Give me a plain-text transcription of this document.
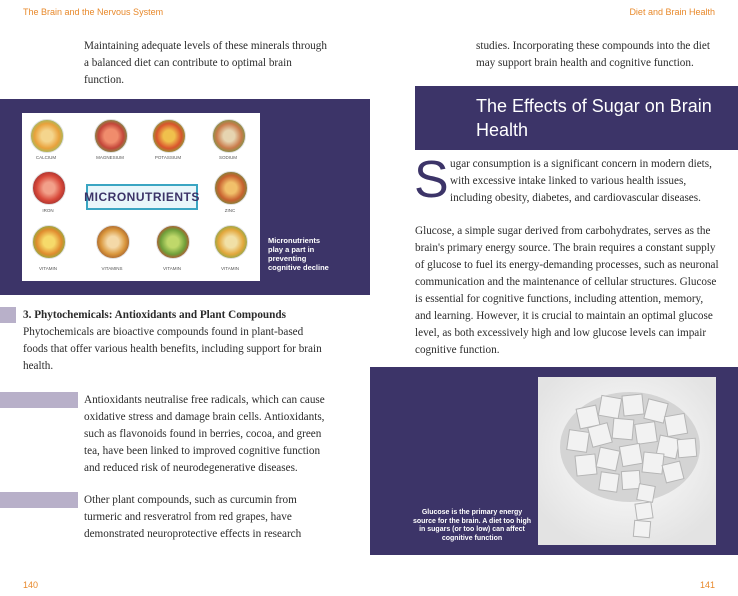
The Brain and the Nervous System	Diet and Brain Health

Maintaining adequate levels of these minerals through a balanced diet can contribute to optimal brain function.

CALCIUM	MAGNESIUM	POTASSIUM	SODIUM
MICRONUTRIENTS
IRON	ZINC
VITAMIN	VITAMINS	VITAMIN	VITAMIN
Micronutrients play a part in preventing cognitive decline
3. Phytochemicals: Antioxidants and Plant Compounds

Phytochemicals are bioactive compounds found in plant-based foods that offer various health benefits, including support for brain health.

Antioxidants neutralise free radicals, which can cause oxidative stress and damage brain cells. Antioxidants, such as flavonoids found in berries, cocoa, and green tea, have been linked to improved cognitive function and reduced risk of neurodegenerative diseases.

Other plant compounds, such as curcumin from turmeric and resveratrol from red grapes, have demonstrated neuroprotective effects in research

140

studies. Incorporating these compounds into the diet may support brain health and cognitive function.

The Effects of Sugar on Brain Health
S ugar consumption is a significant concern in modern diets, with excessive intake linked to various health issues, including obesity, diabetes, and cardiovascular diseases.

Glucose, a simple sugar derived from carbohydrates, serves as the brain's primary energy source. The brain requires a constant supply of glucose to fuel its energy-demanding processes, such as neuronal communication and the maintenance of cellular structures. Glucose is essential for cognitive functions, including attention, memory, and learning. However, it is crucial to maintain an optimal glucose level, as both excessively high and low glucose levels can impair cognitive function.

Glucose is the primary energy source for the brain. A diet too high in sugars (or too low) can affect cognitive function
141
